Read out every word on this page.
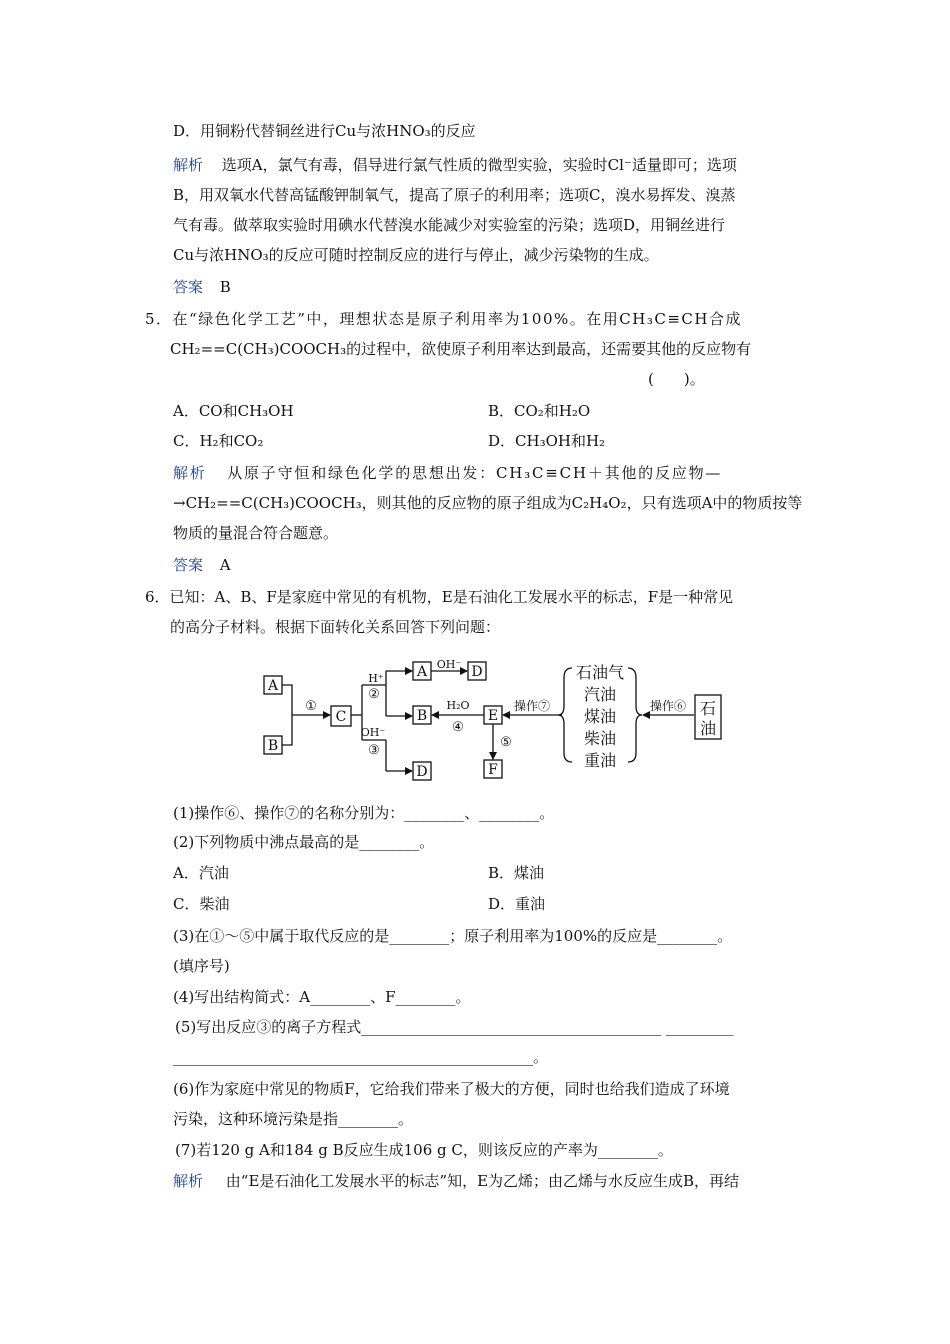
D．用铜粉代替铜丝进行Cu与浓HNO₃的反应
解析 选项A，氯气有毒，倡导进行氯气性质的微型实验，实验时Cl⁻适量即可；选项
B，用双氧水代替高锰酸钾制氧气，提高了原子的利用率；选项C，溴水易挥发、溴蒸
气有毒。做萃取实验时用碘水代替溴水能减少对实验室的污染；选项D，用铜丝进行
Cu与浓HNO₃的反应可随时控制反应的进行与停止，减少污染物的生成。
答案 B
5．在“绿色化学工艺”中，理想状态是原子利用率为100%。在用CH₃C≡CH合成
CH₂==C(CH₃)COOCH₃的过程中，欲使原子利用率达到最高，还需要其他的反应物有
(　　)。
A．CO和CH₃OH	B．CO₂和H₂O
C．H₂和CO₂	D．CH₃OH和H₂
解析 从原子守恒和绿色化学的思想出发：CH₃C≡CH＋其他的反应物—
→CH₂==C(CH₃)COOCH₃，则其他的反应物的原子组成为C₂H₄O₂，只有选项A中的物质按等
物质的量混合符合题意。
答案 A
6．已知：A、B、F是家庭中常见的有机物，E是石油化工发展水平的标志，F是一种常见
的高分子材料。根据下面转化关系回答下列问题：
A
B
C
A	D
B	E
D	F
①
H⁺
②
OH⁻
③
OH⁻
H₂O
④
⑤
操作⑦	操作⑥
石油气
汽油
煤油
柴油
重油
石
油
(1)操作⑥、操作⑦的名称分别为：________、________。
(2)下列物质中沸点最高的是________。
A．汽油	B．煤油
C．柴油	D．重油
(3)在①～⑤中属于取代反应的是________；原子利用率为100%的反应是________。
(填序号)
(4)写出结构简式：A________、F________。
(5)写出反应③的离子方程式________________________________________ _________
________________________________________________。
(6)作为家庭中常见的物质F，它给我们带来了极大的方便，同时也给我们造成了环境
污染，这种环境污染是指________。
(7)若120 g A和184 g B反应生成106 g C，则该反应的产率为________。
解析 由“E是石油化工发展水平的标志”知，E为乙烯；由乙烯与水反应生成B，再结
